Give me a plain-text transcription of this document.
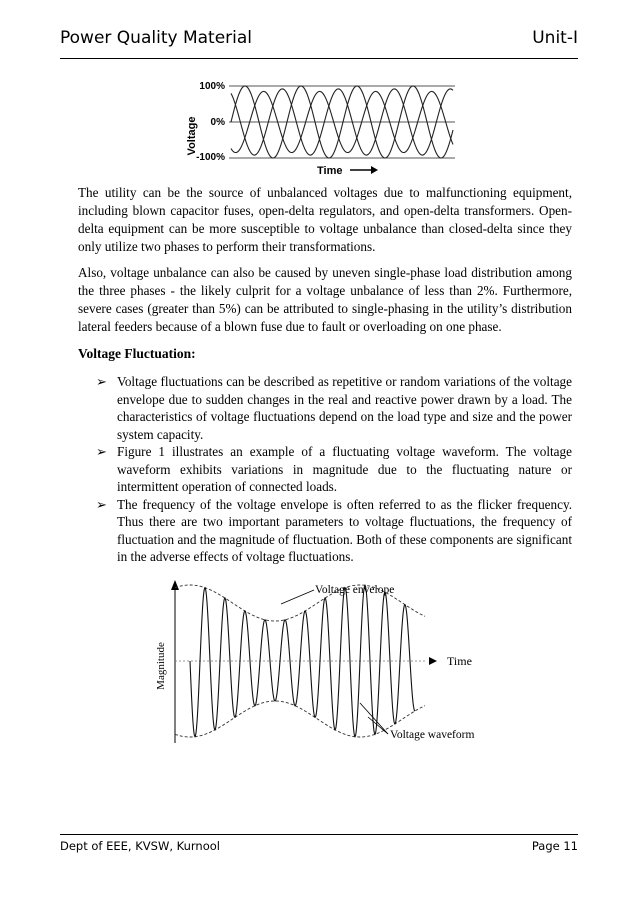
Power Quality Material	Unit-I
Voltage
100%
0%
-100%
Time
The utility can be the source of unbalanced voltages due to malfunctioning equipment, including blown capacitor fuses, open-delta regulators, and open-delta transformers. Open-delta equipment can be more susceptible to voltage unbalance than closed-delta since they only utilize two phases to perform their transformations.
Also, voltage unbalance can also be caused by uneven single-phase load distribution among the three phases - the likely culprit for a voltage unbalance of less than 2%. Furthermore, severe cases (greater than 5%) can be attributed to single-phasing in the utility’s distribution lateral feeders because of a blown fuse due to fault or overloading on one phase.
Voltage Fluctuation:
➢ Voltage fluctuations can be described as repetitive or random variations of the voltage envelope due to sudden changes in the real and reactive power drawn by a load. The characteristics of voltage fluctuations depend on the load type and size and the power system capacity.
➢ Figure 1 illustrates an example of a fluctuating voltage waveform. The voltage waveform exhibits variations in magnitude due to the fluctuating nature or intermittent operation of connected loads.
➢ The frequency of the voltage envelope is often referred to as the flicker frequency. Thus there are two important parameters to voltage fluctuations, the frequency of fluctuation and the magnitude of fluctuation. Both of these components are significant in the adverse effects of voltage fluctuations.
Time
Magnitude
Voltage envelope
Voltage waveform
Dept of EEE, KVSW, Kurnool	Page 11
